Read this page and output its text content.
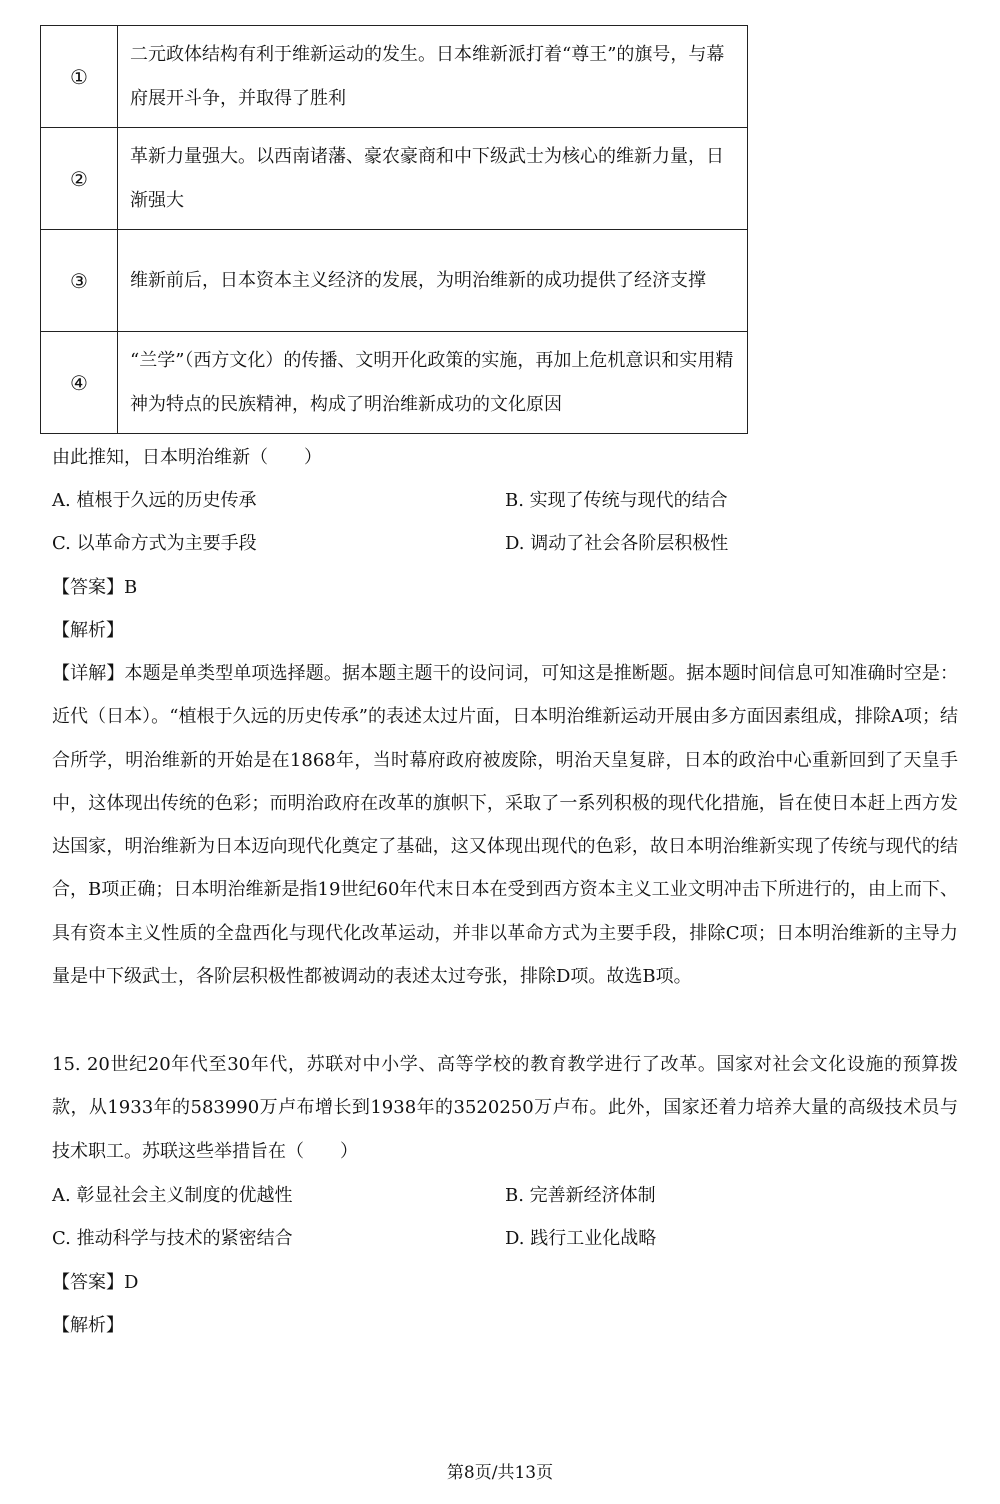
①	二元政体结构有利于维新运动的发生。日本维新派打着“尊王”的旗号，与幕府展开斗争，并取得了胜利
②	革新力量强大。以西南诸藩、豪农豪商和中下级武士为核心的维新力量，日渐强大
③	维新前后，日本资本主义经济的发展，为明治维新的成功提供了经济支撑
④	“兰学”（西方文化）的传播、文明开化政策的实施，再加上危机意识和实用精神为特点的民族精神，构成了明治维新成功的文化原因
由此推知，日本明治维新（　　）
A. 植根于久远的历史传承	B. 实现了传统与现代的结合
C. 以革命方式为主要手段	D. 调动了社会各阶层积极性
【答案】B
【解析】
【详解】本题是单类型单项选择题。据本题主题干的设问词，可知这是推断题。据本题时间信息可知准确时空是：近代（日本）。“植根于久远的历史传承”的表述太过片面，日本明治维新运动开展由多方面因素组成，排除A项；结合所学，明治维新的开始是在1868年，当时幕府政府被废除，明治天皇复辟，日本的政治中心重新回到了天皇手中，这体现出传统的色彩；而明治政府在改革的旗帜下，采取了一系列积极的现代化措施，旨在使日本赶上西方发达国家，明治维新为日本迈向现代化奠定了基础，这又体现出现代的色彩，故日本明治维新实现了传统与现代的结合，B项正确；日本明治维新是指19世纪60年代末日本在受到西方资本主义工业文明冲击下所进行的，由上而下、具有资本主义性质的全盘西化与现代化改革运动，并非以革命方式为主要手段，排除C项；日本明治维新的主导力量是中下级武士，各阶层积极性都被调动的表述太过夸张，排除D项。故选B项。
15. 20世纪20年代至30年代，苏联对中小学、高等学校的教育教学进行了改革。国家对社会文化设施的预算拨款，从1933年的583990万卢布增长到1938年的3520250万卢布。此外，国家还着力培养大量的高级技术员与技术职工。苏联这些举措旨在（　　）
A. 彰显社会主义制度的优越性	B. 完善新经济体制
C. 推动科学与技术的紧密结合	D. 践行工业化战略
【答案】D
【解析】
第8页/共13页
